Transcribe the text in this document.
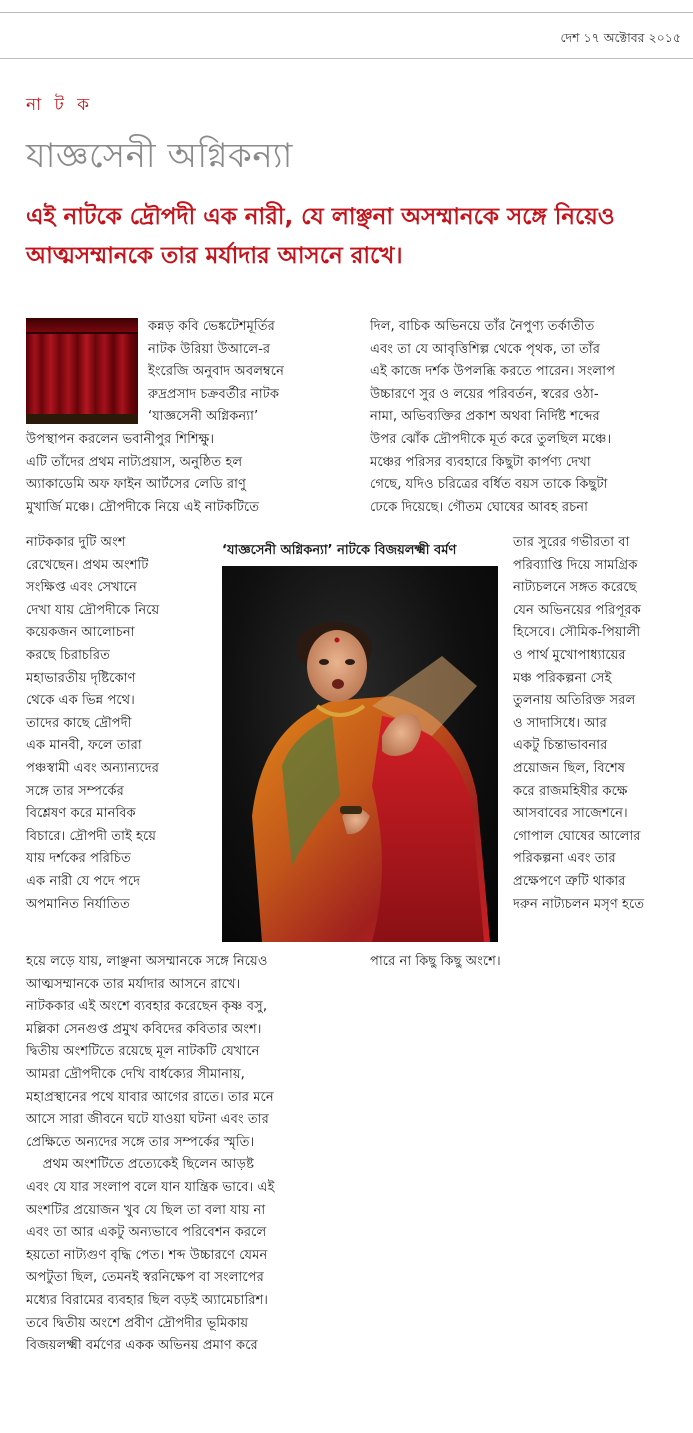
দেশ ১৭ অক্টোবর ২০১৫
না ট ক
যাজ্ঞসেনী অগ্নিকন্যা

এই নাটকে দ্রৌপদী এক নারী, যে লাঞ্ছনা অসম্মানকে সঙ্গে নিয়েও আত্মসম্মানকে তার মর্যাদার আসনে রাখে।

কন্নড় কবি ভেঙ্কটেশমূর্তির
নাটক উরিয়া উআলে-র
ইংরেজি অনুবাদ অবলম্বনে
রুদ্রপ্রসাদ চক্রবর্তীর নাটক
‘যাজ্ঞসেনী অগ্নিকন্যা’
উপস্থাপন করলেন ভবানীপুর শিশিক্ষু।
এটি তাঁদের প্রথম নাট্যপ্রয়াস, অনুষ্ঠিত হল
অ্যাকাডেমি অফ ফাইন আর্টসের লেডি রাণু
মুখার্জি মঞ্চে। দ্রৌপদীকে নিয়ে এই নাটকটিতে
নাটককার দুটি অংশ
রেখেছেন। প্রথম অংশটি
সংক্ষিপ্ত এবং সেখানে
দেখা যায় দ্রৌপদীকে নিয়ে
কয়েকজন আলোচনা
করছে চিরাচরিত
মহাভারতীয় দৃষ্টিকোণ
থেকে এক ভিন্ন পথে।
তাদের কাছে দ্রৌপদী
এক মানবী, ফলে তারা
পঞ্চস্বামী এবং অন্যান্যদের
সঙ্গে তার সম্পর্কের
বিশ্লেষণ করে মানবিক
বিচারে। দ্রৌপদী তাই হয়ে
যায় দর্শকের পরিচিত
এক নারী যে পদে পদে
অপমানিত নির্যাতিত
হয়ে লড়ে যায়, লাঞ্ছনা অসম্মানকে সঙ্গে নিয়েও
আত্মসম্মানকে তার মর্যাদার আসনে রাখে।
নাটককার এই অংশে ব্যবহার করেছেন কৃষ্ণ বসু,
মল্লিকা সেনগুপ্ত প্রমুখ কবিদের কবিতার অংশ।
দ্বিতীয় অংশটিতে রয়েছে মূল নাটকটি যেখানে
আমরা দ্রৌপদীকে দেখি বার্ধক্যের সীমানায়,
মহাপ্রস্থানের পথে যাবার আগের রাতে। তার মনে
আসে সারা জীবনে ঘটে যাওয়া ঘটনা এবং তার
প্রেক্ষিতে অন্যদের সঙ্গে তার সম্পর্কের স্মৃতি।
প্রথম অংশটিতে প্রত্যেকেই ছিলেন আড়ষ্ট
এবং যে যার সংলাপ বলে যান যান্ত্রিক ভাবে। এই
অংশটির প্রয়োজন খুব যে ছিল তা বলা যায় না
এবং তা আর একটু অন্যভাবে পরিবেশন করলে
হয়তো নাট্যগুণ বৃদ্ধি পেত। শব্দ উচ্চারণে যেমন
অপটুতা ছিল, তেমনই স্বরনিক্ষেপ বা সংলাপের
মধ্যের বিরামের ব্যবহার ছিল বড়ই অ্যামেচারিশ।
তবে দ্বিতীয় অংশে প্রবীণ দ্রৌপদীর ভূমিকায়
বিজয়লক্ষ্মী বর্মণের একক অভিনয় প্রমাণ করে
দিল, বাচিক অভিনয়ে তাঁর নৈপুণ্য তর্কাতীত
এবং তা যে আবৃত্তিশিল্প থেকে পৃথক, তা তাঁর
এই কাজে দর্শক উপলব্ধি করতে পারেন। সংলাপ
উচ্চারণে সুর ও লয়ের পরিবর্তন, স্বরের ওঠা-
নামা, অভিব্যক্তির প্রকাশ অথবা নির্দিষ্ট শব্দের
উপর ঝোঁক দ্রৌপদীকে মূর্ত করে তুলছিল মঞ্চে।
মঞ্চের পরিসর ব্যবহারে কিছুটা কার্পণ্য দেখা
গেছে, যদিও চরিত্রের বর্ধিত বয়স তাকে কিছুটা
ঢেকে দিয়েছে। গৌতম ঘোষের আবহ রচনা
‘যাজ্ঞসেনী অগ্নিকন্যা’ নাটকে বিজয়লক্ষ্মী বর্মণ
তার সুরের গভীরতা বা
পরিব্যাপ্তি দিয়ে সামগ্রিক
নাট্যচলনে সঙ্গত করেছে
যেন অভিনয়ের পরিপূরক
হিসেবে। সৌমিক-পিয়ালী
ও পার্থ মুখোপাধ্যায়ের
মঞ্চ পরিকল্পনা সেই
তুলনায় অতিরিক্ত সরল
ও সাদাসিধে। আর
একটু চিন্তাভাবনার
প্রয়োজন ছিল, বিশেষ
করে রাজমহিষীর কক্ষে
আসবাবের সাজেশনে।
গোপাল ঘোষের আলোর
পরিকল্পনা এবং তার
প্রক্ষেপণে ত্রুটি থাকার
দরুন নাট্যচলন মসৃণ হতে
পারে না কিছু কিছু অংশে।
